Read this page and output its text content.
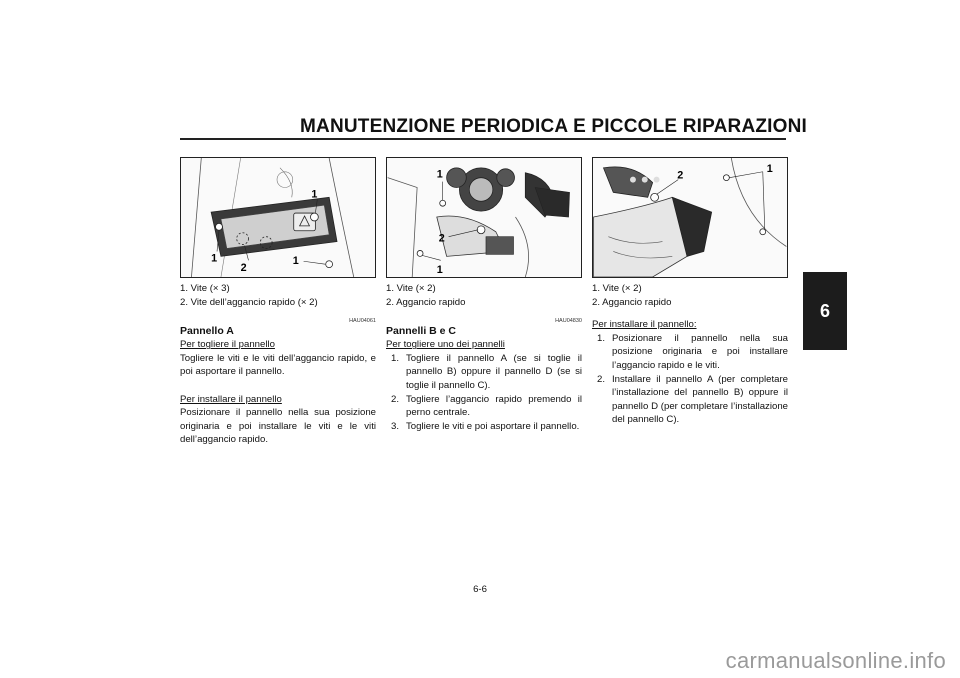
MANUTENZIONE PERIODICA E PICCOLE RIPARAZIONI
6
1
1
2
1
1
2
1
2
1
1. Vite (× 3)
2. Vite dell’aggancio rapido (× 2)
HAU04061
Pannello A
Per togliere il pannello
Togliere le viti e le viti dell’aggancio rapido, e poi asportare il pannello.
Per installare il pannello
Posizionare il pannello nella sua posizione originaria e poi installare le viti e le viti dell’aggancio rapido.
1. Vite (× 2)
2. Aggancio rapido
HAU04830
Pannelli B e C
Per togliere uno dei pannelli
1. Togliere il pannello A (se si toglie il pannello B) oppure il pannello D (se si toglie il pannello C).
2. Togliere l’aggancio rapido premendo il perno centrale.
3. Togliere le viti e poi asportare il pannello.
1. Vite (× 2)
2. Aggancio rapido
Per installare il pannello:
1. Posizionare il pannello nella sua posizione originaria e poi installare l’aggancio rapido e le viti.
2. Installare il pannello A (per completare l’installazione del pannello B) oppure il pannello D (per completare l’installazione del pannello C).
6-6
carmanualsonline.info
